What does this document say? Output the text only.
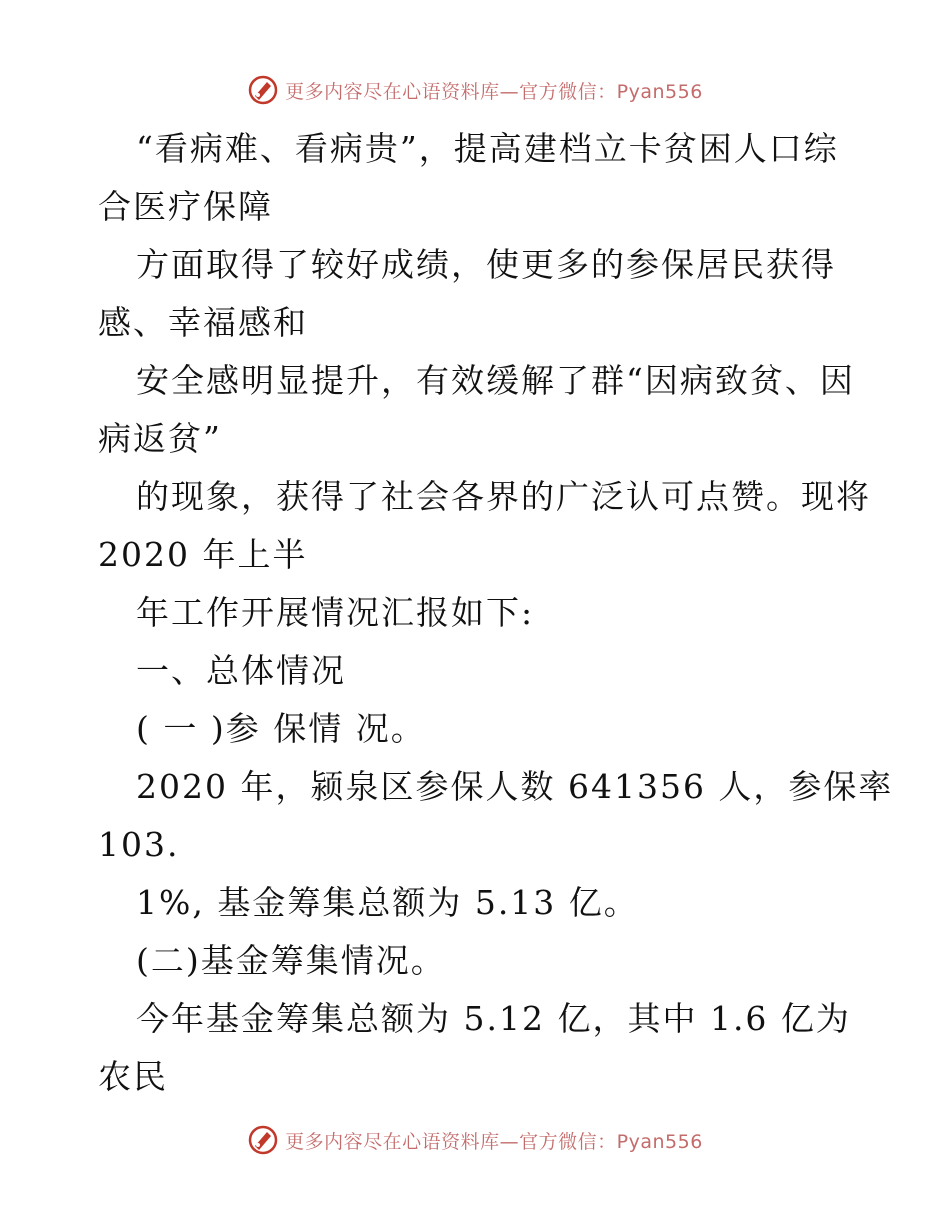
更多内容尽在心语资料库—官方微信：Pyan556
“看病难、看病贵”，提高建档立卡贫困人口综
合医疗保障
方面取得了较好成绩，使更多的参保居民获得
感、幸福感和
安全感明显提升，有效缓解了群“因病致贫、因
病返贫”
的现象，获得了社会各界的广泛认可点赞。现将
2020 年上半
年工作开展情况汇报如下:
一、总体情况
( 一 )参 保情 况。
2020 年，颍泉区参保人数 641356 人，参保率
103.
1%, 基金筹集总额为 5.13 亿。
(二)基金筹集情况。
今年基金筹集总额为 5.12 亿，其中 1.6 亿为
农民
更多内容尽在心语资料库—官方微信：Pyan556
